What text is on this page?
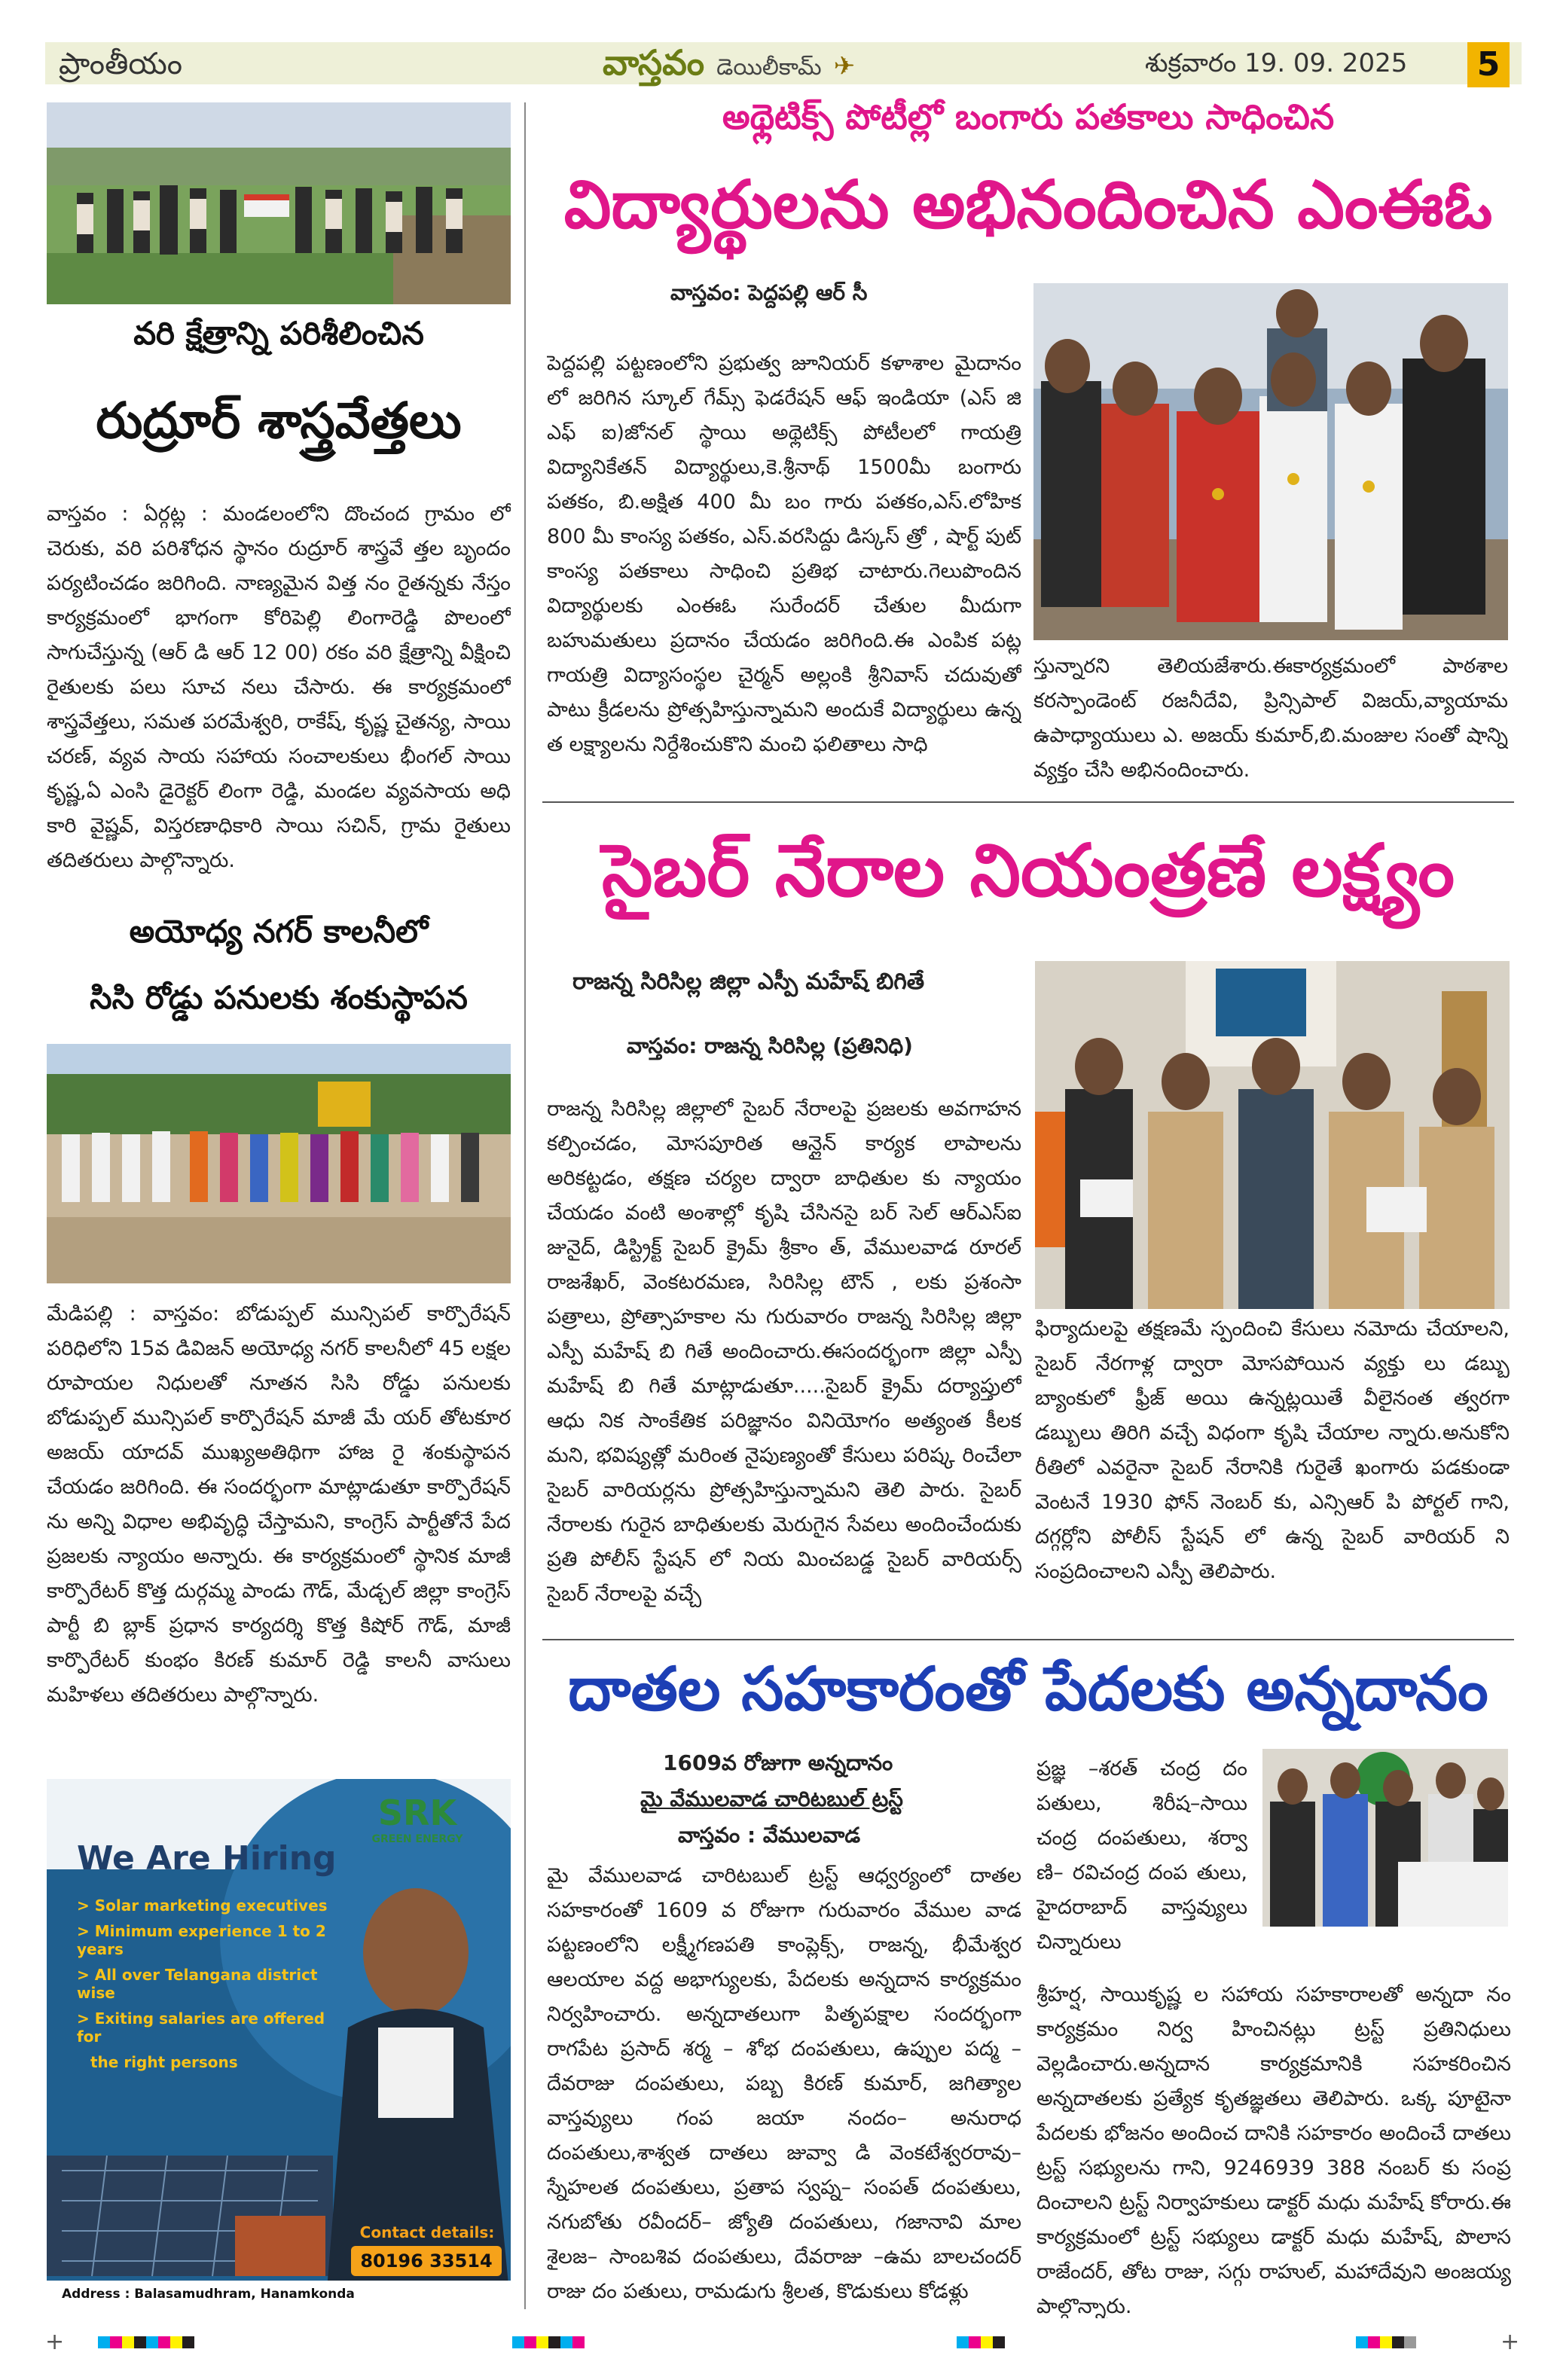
ప్రాంతీయం	వాస్తవం డెయిలీకామ్ ✈	శుక్రవారం 19. 09. 2025 5
వరి క్షేత్రాన్ని పరిశీలించిన
రుద్రూర్ శాస్త్రవేత్తలు
వాస్తవం : ఏర్గట్ల : మండలంలోని దొంచంద గ్రామం లో చెరుకు, వరి పరిశోధన స్థానం రుద్రూర్ శాస్త్రవే త్తల బృందం పర్యటించడం జరిగింది. నాణ్యమైన విత్త నం రైతన్నకు నేస్తం కార్యక్రమంలో భాగంగా కోరిపెల్లి లింగారెడ్డి పొలంలో సాగుచేస్తున్న (ఆర్ డి ఆర్ 12 00) రకం వరి క్షేత్రాన్ని వీక్షించి రైతులకు పలు సూచ నలు చేసారు. ఈ కార్యక్రమంలో శాస్త్రవేత్తలు, సమత పరమేశ్వరి, రాకేష్, కృష్ణ చైతన్య, సాయి చరణ్, వ్యవ సాయ సహాయ సంచాలకులు భీంగల్ సాయి కృష్ణ,ఏ ఎంసి డైరెక్టర్ లింగా రెడ్డి, మండల వ్యవసాయ అధి కారి వైష్ణవ్, విస్తరణాధికారి సాయి సచిన్, గ్రామ రైతులు తదితరులు పాల్గొన్నారు.
అయోధ్య నగర్ కాలనీలో
సిసి రోడ్డు పనులకు శంకుస్థాపన
మేడిపల్లి : వాస్తవం: బోడుప్పల్ మున్సిపల్ కార్పొరేషన్ పరిధిలోని 15వ డివిజన్ అయోధ్య నగర్ కాలనీలో 45 లక్షల రూపాయల నిధులతో నూతన సిసి రోడ్డు పనులకు బోడుప్పల్ మున్సిపల్ కార్పొరేషన్ మాజీ మే యర్ తోటకూర అజయ్ యాదవ్ ముఖ్యఅతిథిగా హాజ రై శంకుస్థాపన చేయడం జరిగింది. ఈ సందర్భంగా మాట్లాడుతూ కార్పొరేషన్ ను అన్ని విధాల అభివృద్ధి చేస్తామని, కాంగ్రెస్ పార్టీతోనే పేద ప్రజలకు న్యాయం అన్నారు. ఈ కార్యక్రమంలో స్థానిక మాజీ కార్పొరేటర్ కొత్త దుర్గమ్మ పాండు గౌడ్, మేడ్చల్ జిల్లా కాంగ్రెస్ పార్టీ బి బ్లాక్ ప్రధాన కార్యదర్శి కొత్త కిషోర్ గౌడ్, మాజీ కార్పొరేటర్ కుంభం కిరణ్ కుమార్ రెడ్డి కాలనీ వాసులు మహిళలు తదితరులు పాల్గొన్నారు.
SRK
GREEN ENERGY
We Are Hiring
> Solar marketing executives
> Minimum experience 1 to 2 years
> All over Telangana district wise
> Exiting salaries are offered for
the right persons
Contact details:
80196 33514
Address : Balasamudhram, Hanamkonda
అథ్లెటిక్స్ పోటీల్లో బంగారు పతకాలు సాధించిన
విద్యార్థులను అభినందించిన ఎంఈఓ
వాస్తవం: పెద్దపల్లి ఆర్ సీ
పెద్దపల్లి పట్టణంలోని ప్రభుత్వ జూనియర్ కళాశాల మైదానం లో జరిగిన స్కూల్ గేమ్స్ ఫెడరేషన్ ఆఫ్ ఇండియా (ఎస్ జి ఎఫ్ ఐ)జోనల్ స్థాయి అథ్లెటిక్స్ పోటీలలో గాయత్రి విద్యానికేతన్ విద్యార్థులు,కె.శ్రీనాథ్ 1500మీ బంగారు పతకం, బి.అక్షిత 400 మీ బం గారు పతకం,ఎస్.లోహిక 800 మీ కాంస్య పతకం, ఎస్.వరసిద్దు డిస్కస్ త్రో , షార్ట్ పుట్ కాంస్య పతకాలు సాధించి ప్రతిభ చాటారు.గెలుపొందిన విద్యార్థులకు ఎంఈఓ సురేందర్ చేతుల మీదుగా బహుమతులు ప్రదానం చేయడం జరిగింది.ఈ ఎంపిక పట్ల గాయత్రి విద్యాసంస్థల చైర్మన్ అల్లంకి శ్రీనివాస్ చదువుతో పాటు క్రీడలను ప్రోత్సహిస్తున్నామని అందుకే విద్యార్థులు ఉన్న త లక్ష్యాలను నిర్దేశించుకొని మంచి ఫలితాలు సాధి
స్తున్నారని తెలియజేశారు.ఈకార్యక్రమంలో పాఠశాల కరస్పాండెంట్ రజనీదేవి, ప్రిన్సిపాల్ విజయ్,వ్యాయామ ఉపాధ్యాయులు ఎ. అజయ్ కుమార్,బి.మంజుల సంతో షాన్ని వ్యక్తం చేసి అభినందించారు.
సైబర్ నేరాల నియంత్రణే లక్ష్యం
రాజన్న సిరిసిల్ల జిల్లా ఎస్పీ మహేష్ బిగితే
వాస్తవం: రాజన్న సిరిసిల్ల (ప్రతినిధి)
రాజన్న సిరిసిల్ల జిల్లాలో సైబర్ నేరాలపై ప్రజలకు అవగాహన కల్పించడం, మోసపూరిత ఆన్లైన్ కార్యక లాపాలను అరికట్టడం, తక్షణ చర్యల ద్వారా బాధితుల కు న్యాయం చేయడం వంటి అంశాల్లో కృషి చేసినసై బర్ సెల్ ఆర్ఎస్ఐ జునైద్, డిస్ట్రిక్ట్ సైబర్ క్రైమ్ శ్రీకాం త్, వేములవాడ రూరల్ రాజశేఖర్, వెంకటరమణ, సిరిసిల్ల టౌన్ , లకు ప్రశంసా పత్రాలు, ప్రోత్సాహకాల ను గురువారం రాజన్న సిరిసిల్ల జిల్లా ఎస్పీ మహేష్ బి గితే అందించారు.ఈసందర్భంగా జిల్లా ఎస్పీ మహేష్ బి గితే మాట్లాడుతూ.....సైబర్ క్రైమ్ దర్యాప్తులో ఆధు నిక సాంకేతిక పరిజ్ఞానం వినియోగం అత్యంత కీలక మని, భవిష్యత్లో మరింత నైపుణ్యంతో కేసులు పరిష్క రించేలా సైబర్ వారియర్లను ప్రోత్సహిస్తున్నామని తెలి పారు. సైబర్ నేరాలకు గురైన బాధితులకు మెరుగైన సేవలు అందించేందుకు ప్రతి పోలీస్ స్టేషన్ లో నియ మించబడ్డ సైబర్ వారియర్స్ సైబర్ నేరాలపై వచ్చే
ఫిర్యాదులపై తక్షణమే స్పందించి కేసులు నమోదు చేయాలని, సైబర్ నేరగాళ్ల ద్వారా మోసపోయిన వ్యక్తు లు డబ్బు బ్యాంకులో ఫ్రీజ్ అయి ఉన్నట్లయితే వీలైనంత త్వరగా డబ్బులు తిరిగి వచ్చే విధంగా కృషి చేయాల న్నారు.అనుకోని రీతిలో ఎవరైనా సైబర్ నేరానికి గురైతే ఖంగారు పడకుండా వెంటనే 1930 ఫోన్ నెంబర్ కు, ఎన్సిఆర్ పి పోర్టల్ గాని, దగ్గర్లోని పోలీస్ స్టేషన్ లో ఉన్న సైబర్ వారియర్ ని సంప్రదించాలని ఎస్పీ తెలిపారు.
దాతల సహకారంతో పేదలకు అన్నదానం
1609వ రోజుగా అన్నదానం
మై వేములవాడ చారిటబుల్ ట్రస్ట్
వాస్తవం : వేములవాడ
మై వేములవాడ చారిటబుల్ ట్రస్ట్ ఆధ్వర్యంలో దాతల సహకారంతో 1609 వ రోజుగా గురువారం వేముల వాడ పట్టణంలోని లక్ష్మీగణపతి కాంప్లెక్స్, రాజన్న, భీమేశ్వర ఆలయాల వద్ద అభాగ్యులకు, పేదలకు అన్నదాన కార్యక్రమం నిర్వహించారు. అన్నదాతలుగా పితృపక్షాల సందర్భంగా రాగపేట ప్రసాద్ శర్మ – శోభ దంపతులు, ఉప్పుల పద్మ –దేవరాజు దంపతులు, పబ్బ కిరణ్ కుమార్, జగిత్యాల వాస్తవ్యులు గంప జయా నందం– అనురాధ దంపతులు,శాశ్వత దాతలు జువ్వా డి వెంకటేశ్వరరావు– స్నేహలత దంపతులు, ప్రతాప స్వప్న– సంపత్ దంపతులు, నగుబోతు రవీందర్– జ్యోతి దంపతులు, గజానావి మాల శైలజ– సాంబశివ దంపతులు, దేవరాజు –ఉమ బాలచందర్ రాజు దం పతులు, రామడుగు శ్రీలత, కొడుకులు కోడళ్లు
ప్రజ్ఞ –శరత్ చంద్ర దం పతులు, శిరీష–సాయి చంద్ర దంపతులు, శర్వా ణి– రవిచంద్ర దంప తులు, హైదరాబాద్ వాస్తవ్యులు చిన్నారులు
శ్రీహర్ష, సాయికృష్ణ ల సహాయ సహకారాలతో అన్నదా నం కార్యక్రమం నిర్వ హించినట్లు ట్రస్ట్ ప్రతినిధులు వెల్లడించారు.అన్నదాన కార్యక్రమానికి సహకరించిన అన్నదాతలకు ప్రత్యేక కృతజ్ఞతలు తెలిపారు. ఒక్క పూటైనా పేదలకు భోజనం అందించ దానికి సహకారం అందించే దాతలు ట్రస్ట్ సభ్యులను గాని, 9246939 388 నంబర్ కు సంప్ర దించాలని ట్రస్ట్ నిర్వాహకులు డాక్టర్ మధు మహేష్ కోరారు.ఈ కార్యక్రమంలో ట్రస్ట్ సభ్యులు డాక్టర్ మధు మహేష్, పొలాస రాజేందర్, తోట రాజు, సగ్గు రాహుల్, మహాదేవుని అంజయ్య పాల్గొన్నారు.
+	+
